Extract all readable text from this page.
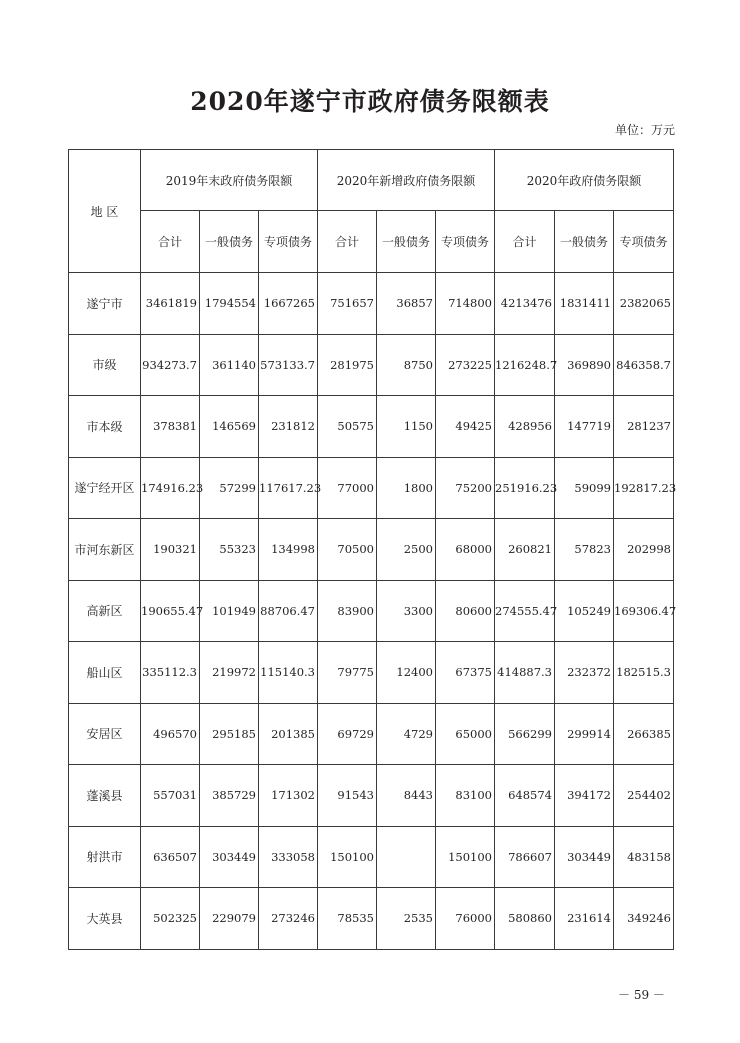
2020年遂宁市政府债务限额表
单位：万元
地 区	2019年末政府债务限额			2020年新增政府债务限额			2020年政府债务限额		
	合计	一般债务	专项债务	合计	一般债务	专项债务	合计	一般债务	专项债务
遂宁市	3461819	1794554	1667265	751657	36857	714800	4213476	1831411	2382065
市级	934273.7	361140	573133.7	281975	8750	273225	1216248.7	369890	846358.7
市本级	378381	146569	231812	50575	1150	49425	428956	147719	281237
遂宁经开区	174916.23	57299	117617.23	77000	1800	75200	251916.23	59099	192817.23
市河东新区	190321	55323	134998	70500	2500	68000	260821	57823	202998
高新区	190655.47	101949	88706.47	83900	3300	80600	274555.47	105249	169306.47
船山区	335112.3	219972	115140.3	79775	12400	67375	414887.3	232372	182515.3
安居区	496570	295185	201385	69729	4729	65000	566299	299914	266385
蓬溪县	557031	385729	171302	91543	8443	83100	648574	394172	254402
射洪市	636507	303449	333058	150100		150100	786607	303449	483158
大英县	502325	229079	273246	78535	2535	76000	580860	231614	349246
－ 59 －
